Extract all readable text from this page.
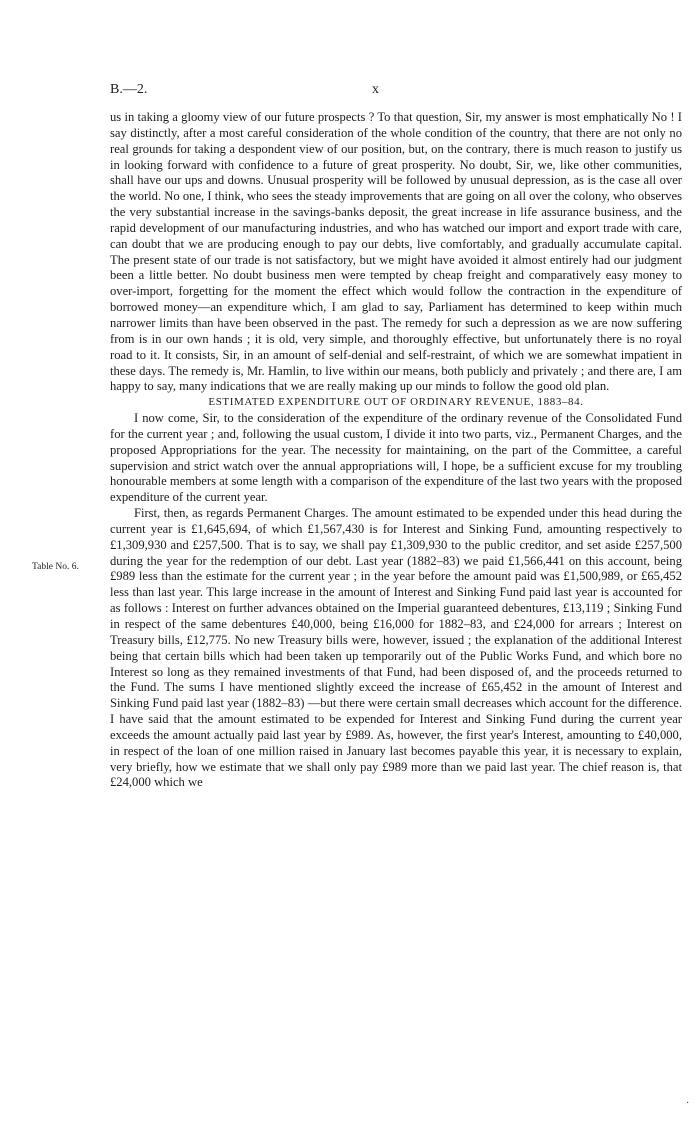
B.—2.	x
Table No. 6.

us in taking a gloomy view of our future prospects ? To that question, Sir, my answer is most emphatically No ! I say distinctly, after a most careful consideration of the whole condition of the country, that there are not only no real grounds for taking a despondent view of our position, but, on the contrary, there is much reason to justify us in looking forward with confidence to a future of great prosperity. No doubt, Sir, we, like other communities, shall have our ups and downs. Unusual prosperity will be followed by unusual depression, as is the case all over the world. No one, I think, who sees the steady improvements that are going on all over the colony, who observes the very substantial increase in the savings-banks deposit, the great increase in life assurance business, and the rapid development of our manufacturing industries, and who has watched our import and export trade with care, can doubt that we are producing enough to pay our debts, live comfortably, and gradually accumulate capital. The present state of our trade is not satisfactory, but we might have avoided it almost entirely had our judgment been a little better. No doubt business men were tempted by cheap freight and comparatively easy money to over-import, forgetting for the moment the effect which would follow the contraction in the expenditure of borrowed money—an expenditure which, I am glad to say, Parliament has determined to keep within much narrower limits than have been observed in the past. The remedy for such a depression as we are now suffering from is in our own hands ; it is old, very simple, and thoroughly effective, but unfortunately there is no royal road to it. It consists, Sir, in an amount of self-denial and self-restraint, of which we are somewhat impatient in these days. The remedy is, Mr. Hamlin, to live within our means, both publicly and privately ; and there are, I am happy to say, many indications that we are really making up our minds to follow the good old plan.

ESTIMATED EXPENDITURE OUT OF ORDINARY REVENUE, 1883–84.

I now come, Sir, to the consideration of the expenditure of the ordinary revenue of the Consolidated Fund for the current year ; and, following the usual custom, I divide it into two parts, viz., Permanent Charges, and the proposed Appropriations for the year. The necessity for maintaining, on the part of the Committee, a careful supervision and strict watch over the annual appropriations will, I hope, be a sufficient excuse for my troubling honourable members at some length with a comparison of the expenditure of the last two years with the proposed expenditure of the current year.

First, then, as regards Permanent Charges. The amount estimated to be expended under this head during the current year is £1,645,694, of which £1,567,430 is for Interest and Sinking Fund, amounting respectively to £1,309,930 and £257,500. That is to say, we shall pay £1,309,930 to the public creditor, and set aside £257,500 during the year for the redemption of our debt. Last year (1882–83) we paid £1,566,441 on this account, being £989 less than the estimate for the current year ; in the year before the amount paid was £1,500,989, or £65,452 less than last year. This large increase in the amount of Interest and Sinking Fund paid last year is accounted for as follows : Interest on further advances obtained on the Imperial guaranteed debentures, £13,119 ; Sinking Fund in respect of the same debentures £40,000, being £16,000 for 1882–83, and £24,000 for arrears ; Interest on Treasury bills, £12,775. No new Treasury bills were, however, issued ; the explanation of the additional Interest being that certain bills which had been taken up temporarily out of the Public Works Fund, and which bore no Interest so long as they remained investments of that Fund, had been disposed of, and the proceeds returned to the Fund. The sums I have mentioned slightly exceed the increase of £65,452 in the amount of Interest and Sinking Fund paid last year (1882–83) —but there were certain small decreases which account for the difference. I have said that the amount estimated to be expended for Interest and Sinking Fund during the current year exceeds the amount actually paid last year by £989. As, however, the first year's Interest, amounting to £40,000, in respect of the loan of one million raised in January last becomes payable this year, it is necessary to explain, very briefly, how we estimate that we shall only pay £989 more than we paid last year. The chief reason is, that £24,000 which we

·
